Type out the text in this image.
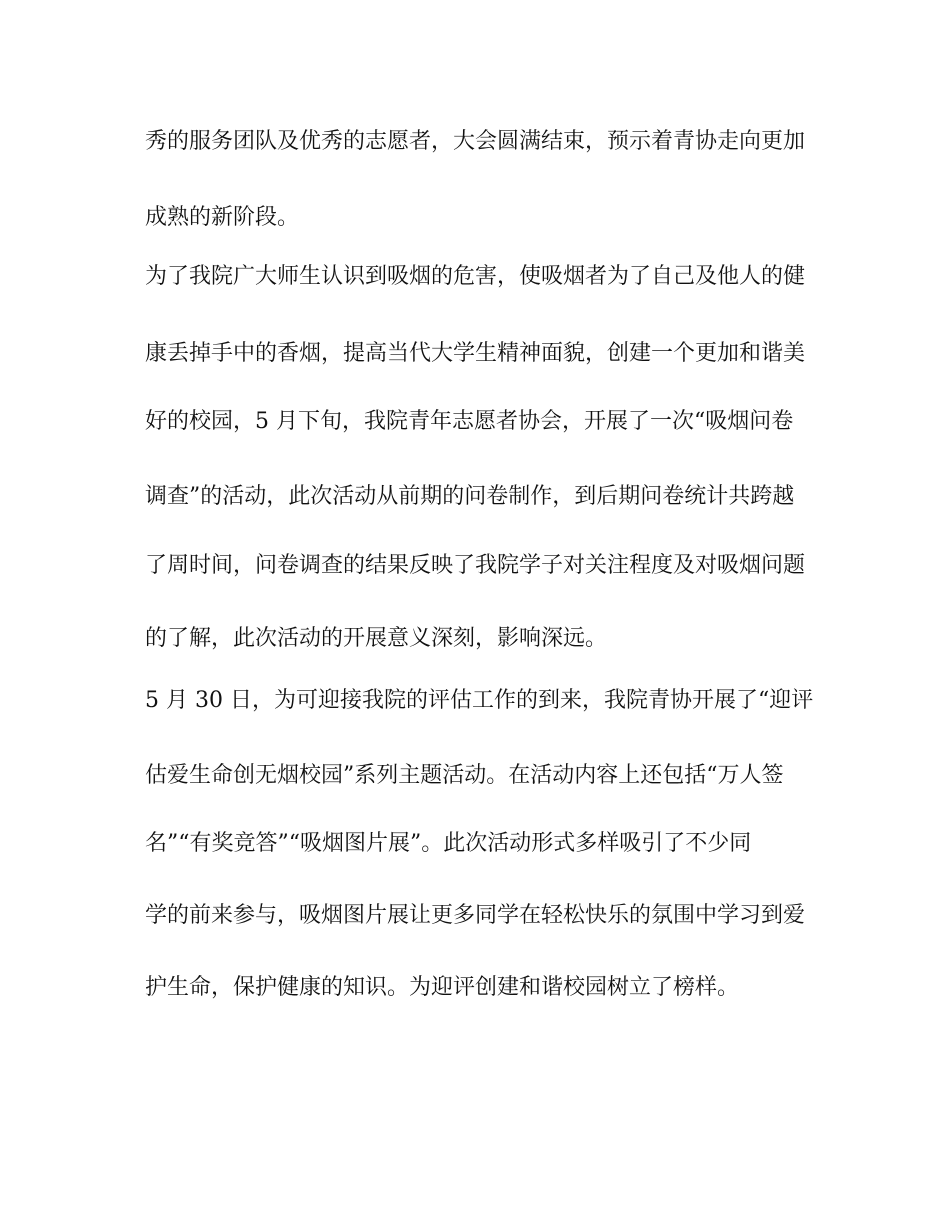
秀的服务团队及优秀的志愿者，大会圆满结束，预示着青协走向更加
成熟的新阶段。
为了我院广大师生认识到吸烟的危害，使吸烟者为了自己及他人的健
康丢掉手中的香烟，提高当代大学生精神面貌，创建一个更加和谐美
好的校园，5 月下旬，我院青年志愿者协会，开展了一次“吸烟问卷
调查”的活动，此次活动从前期的问卷制作，到后期问卷统计共跨越
了周时间，问卷调查的结果反映了我院学子对关注程度及对吸烟问题
的了解，此次活动的开展意义深刻，影响深远。
5 月 30 日，为可迎接我院的评估工作的到来，我院青协开展了“迎评
估爱生命创无烟校园”系列主题活动。在活动内容上还包括“万人签
名”“有奖竞答”“吸烟图片展”。此次活动形式多样吸引了不少同
学的前来参与，吸烟图片展让更多同学在轻松快乐的氛围中学习到爱
护生命，保护健康的知识。为迎评创建和谐校园树立了榜样。
